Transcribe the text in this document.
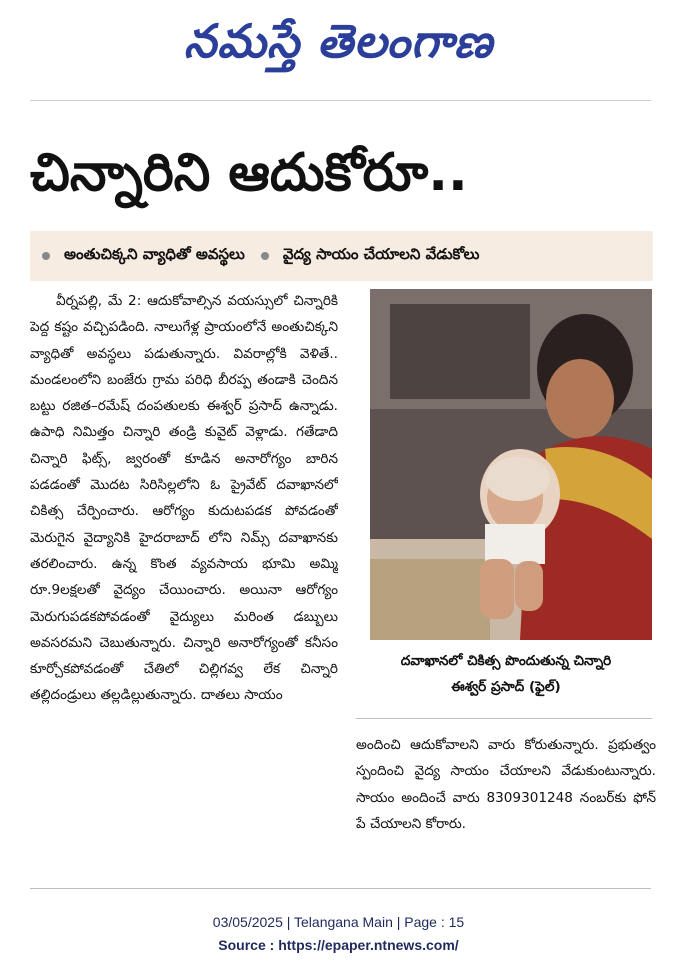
నమస్తే తెలంగాణ
చిన్నారిని ఆదుకోరూ..
అంతుచిక్కని వ్యాధితో అవస్థలు	వైద్య సాయం చేయాలని వేడుకోలు

వీర్నపల్లి, మే 2: ఆదుకోవాల్సిన వయస్సులో చిన్నారికి పెద్ద కష్టం వచ్చిపడింది. నాలుగేళ్ల ప్రాయంలోనే అంతుచిక్కని వ్యాధితో అవస్థలు పడుతున్నారు. వివరాల్లోకి వెళితే.. మండలంలోని బంజేరు గ్రామ పరిధి బీరప్ప తండాకి చెందిన బట్టు రజిత–రమేష్ దంపతులకు ఈశ్వర్ ప్రసాద్ ఉన్నాడు. ఉపాధి నిమిత్తం చిన్నారి తండ్రి కువైట్ వెళ్లాడు. గతేడాది చిన్నారి ఫిట్స్, జ్వరంతో కూడిన అనారోగ్యం బారిన పడడంతో మొదట సిరిసిల్లలోని ఓ ప్రైవేట్ దవాఖానలో చికిత్స చేర్పించారు. ఆరోగ్యం కుదుటపడక పోవడంతో మెరుగైన వైద్యానికి హైదరాబాద్ లోని నిమ్స్ దవాఖానకు తరలించారు. ఉన్న కొంత వ్యవసాయ భూమి అమ్మి రూ.9లక్షలతో వైద్యం చేయించారు. అయినా ఆరోగ్యం మెరుగుపడకపోవడంతో వైద్యులు మరింత డబ్బులు అవసరమని చెబుతున్నారు. చిన్నారి అనారోగ్యంతో కనీసం కూర్చోకపోవడంతో చేతిలో చిల్లిగవ్వ లేక చిన్నారి తల్లిదండ్రులు తల్లడిల్లుతున్నారు. దాతలు సాయం

దవాఖానలో చికిత్స పొందుతున్న చిన్నారి
ఈశ్వర్ ప్రసాద్ (ఫైల్)

అందించి ఆదుకోవాలని వారు కోరుతున్నారు. ప్రభుత్వం స్పందించి వైద్య సాయం చేయాలని వేడుకుంటున్నారు. సాయం అందించే వారు 8309301248 నంబర్‌కు ఫోన్ పే చేయాలని కోరారు.

03/05/2025 | Telangana Main | Page : 15
Source : https://epaper.ntnews.com/
